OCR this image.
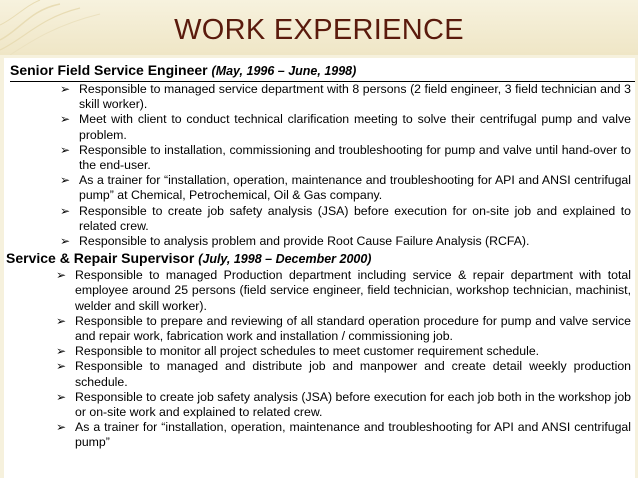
WORK EXPERIENCE
Senior Field Service Engineer (May, 1996 – June, 1998)
➢ Responsible to managed service department with 8 persons (2 field engineer, 3 field technician and 3 skill worker).
➢ Meet with client to conduct technical clarification meeting to solve their centrifugal pump and valve problem.
➢ Responsible to installation, commissioning and troubleshooting for pump and valve until hand-over to the end-user.
➢ As a trainer for “installation, operation, maintenance and troubleshooting for API and ANSI centrifugal pump” at Chemical, Petrochemical, Oil & Gas company.
➢ Responsible to create job safety analysis (JSA) before execution for on-site job and explained to related crew.
➢ Responsible to analysis problem and provide Root Cause Failure Analysis (RCFA).
Service & Repair Supervisor (July, 1998 – December 2000)
➢ Responsible to managed Production department including service & repair department with total employee around 25 persons (field service engineer, field technician, workshop technician, machinist, welder and skill worker).
➢ Responsible to prepare and reviewing of all standard operation procedure for pump and valve service and repair work, fabrication work and installation / commissioning job.
➢ Responsible to monitor all project schedules to meet customer requirement schedule.
➢ Responsible to managed and distribute job and manpower and create detail weekly production schedule.
➢ Responsible to create job safety analysis (JSA) before execution for each job both in the workshop job or on-site work and explained to related crew.
➢ As a trainer for “installation, operation, maintenance and troubleshooting for API and ANSI centrifugal pump”
